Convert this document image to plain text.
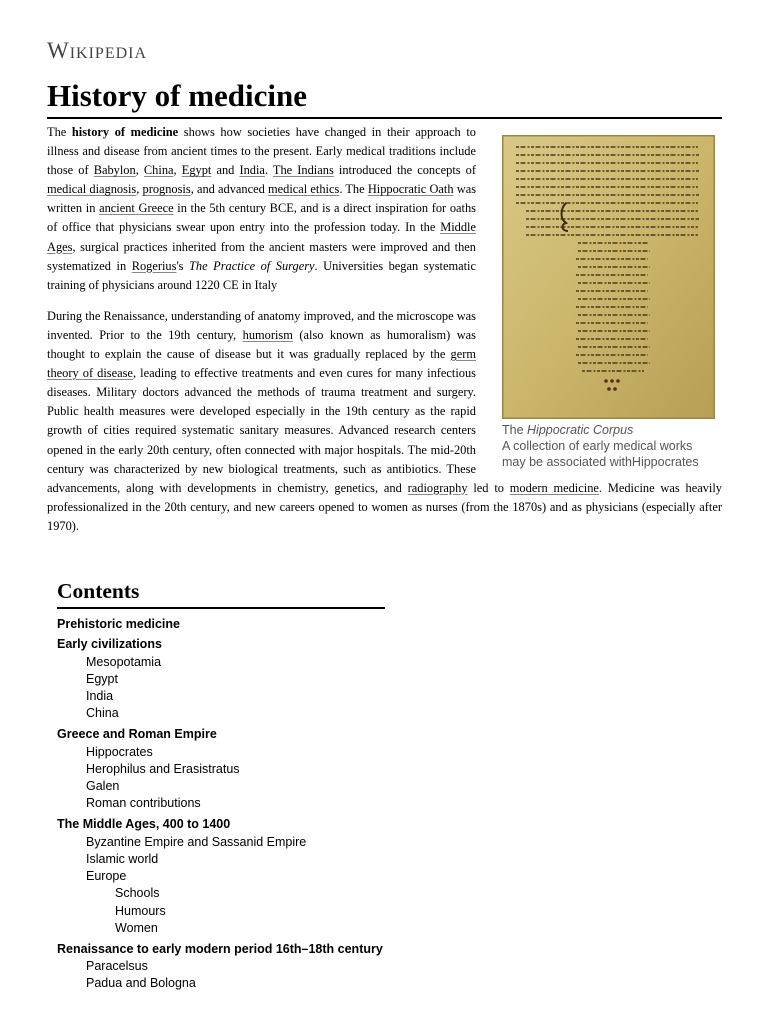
Wikipedia
History of medicine
The Hippocratic Corpus
A collection of early medical works may be associated withHippocrates

The history of medicine shows how societies have changed in their approach to illness and disease from ancient times to the present. Early medical traditions include those of Babylon, China, Egypt and India. The Indians introduced the concepts of medical diagnosis, prognosis, and advanced medical ethics. The Hippocratic Oath was written in ancient Greece in the 5th century BCE, and is a direct inspiration for oaths of office that physicians swear upon entry into the profession today. In the Middle Ages, surgical practices inherited from the ancient masters were improved and then systematized in Rogerius's The Practice of Surgery. Universities began systematic training of physicians around 1220 CE in Italy

During the Renaissance, understanding of anatomy improved, and the microscope was invented. Prior to the 19th century, humorism (also known as humoralism) was thought to explain the cause of disease but it was gradually replaced by the germ theory of disease, leading to effective treatments and even cures for many infectious diseases. Military doctors advanced the methods of trauma treatment and surgery. Public health measures were developed especially in the 19th century as the rapid growth of cities required systematic sanitary measures. Advanced research centers opened in the early 20th century, often connected with major hospitals. The mid-20th century was characterized by new biological treatments, such as antibiotics. These advancements, along with developments in chemistry, genetics, and radiography led to modern medicine. Medicine was heavily professionalized in the 20th century, and new careers opened to women as nurses (from the 1870s) and as physicians (especially after 1970).

Contents
Prehistoric medicine
Early civilizations
Mesopotamia
Egypt
India
China
Greece and Roman Empire
Hippocrates
Herophilus and Erasistratus
Galen
Roman contributions
The Middle Ages, 400 to 1400
Byzantine Empire and Sassanid Empire
Islamic world
Europe
Schools
Humours
Women
Renaissance to early modern period 16th–18th century
Paracelsus
Padua and Bologna
